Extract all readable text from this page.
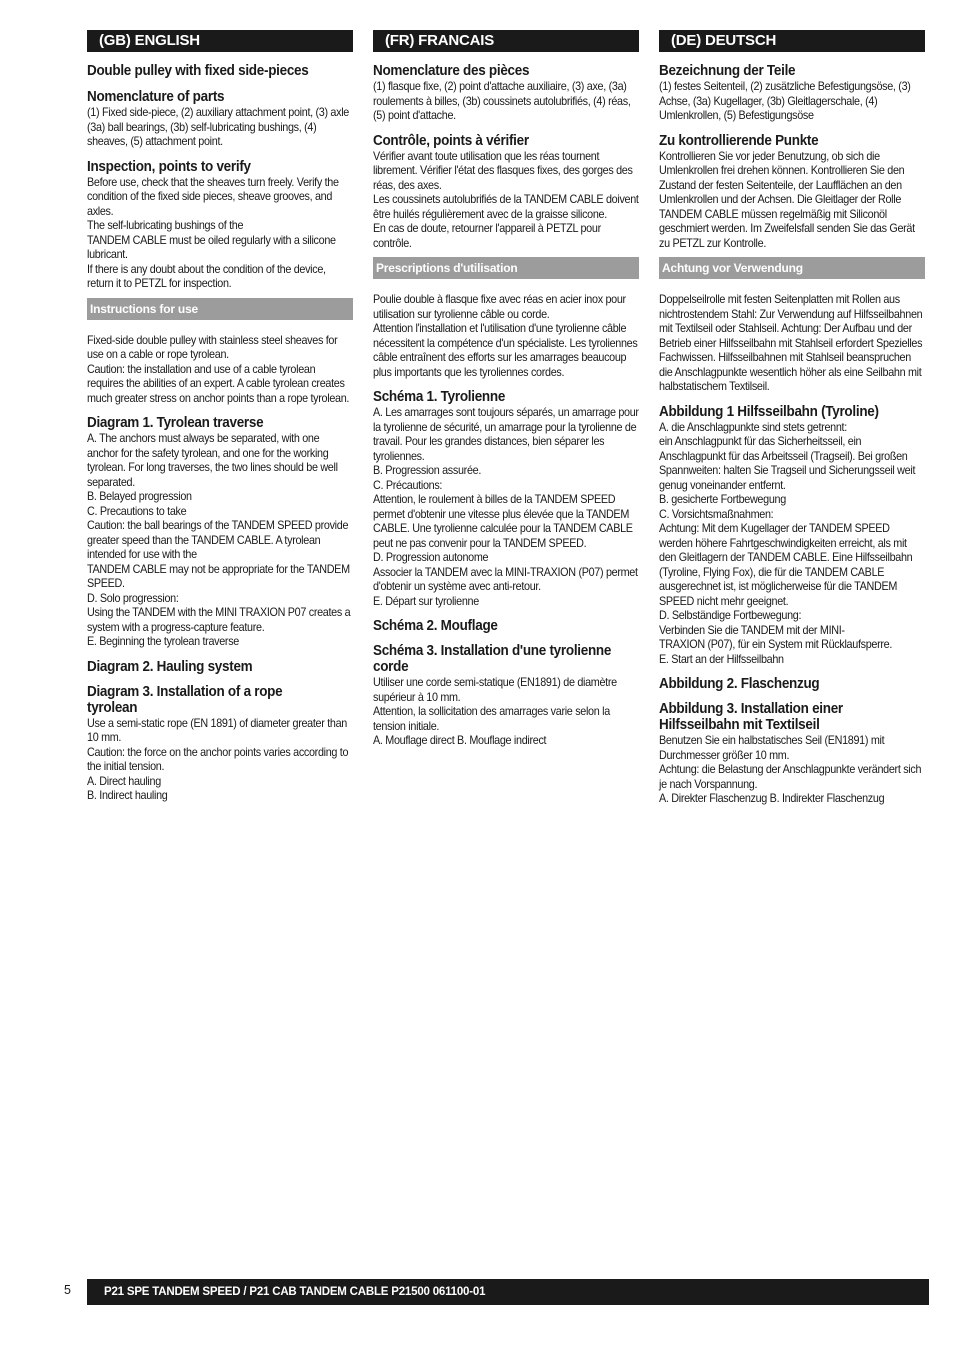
(GB) ENGLISH
Double pulley with fixed side-pieces
Nomenclature of parts
(1) Fixed side-piece, (2) auxiliary attachment point, (3) axle (3a) ball bearings, (3b) self-lubricating bushings, (4) sheaves, (5) attachment point.
Inspection, points to verify
Before use, check that the sheaves turn freely. Verify the condition of the fixed side pieces, sheave grooves, and axles.
The self-lubricating bushings of the
TANDEM CABLE must be oiled regularly with a silicone lubricant.
If there is any doubt about the condition of the device, return it to PETZL for inspection.
Instructions for use
Fixed-side double pulley with stainless steel sheaves for use on a cable or rope tyrolean.
Caution: the installation and use of a cable tyrolean requires the abilities of an expert. A cable tyrolean creates much greater stress on anchor points than a rope tyrolean.
Diagram 1. Tyrolean traverse
A. The anchors must always be separated, with one anchor for the safety tyrolean, and one for the working tyrolean. For long traverses, the two lines should be well separated.
B. Belayed progression
C. Precautions to take
Caution: the ball bearings of the TANDEM SPEED provide greater speed than the TANDEM CABLE. A tyrolean intended for use with the
TANDEM CABLE may not be appropriate for the TANDEM SPEED.
D. Solo progression:
Using the TANDEM with the MINI TRAXION P07 creates a system with a progress-capture feature.
E. Beginning the tyrolean traverse
Diagram 2. Hauling system
Diagram 3. Installation of a rope tyrolean
Use a semi-static rope (EN 1891) of diameter greater than 10 mm.
Caution: the force on the anchor points varies according to the initial tension.
A. Direct hauling
B. Indirect hauling
(FR) FRANCAIS
Nomenclature des pièces
(1) flasque fixe, (2) point d'attache auxiliaire, (3) axe, (3a) roulements à billes, (3b) coussinets autolubrifiés, (4) réas, (5) point d'attache.
Contrôle, points à vérifier
Vérifier avant toute utilisation que les réas tournent librement. Vérifier l'état des flasques fixes, des gorges des réas, des axes.
Les coussinets autolubrifiés de la TANDEM CABLE doivent être huilés régulièrement avec de la graisse silicone.
En cas de doute, retourner l'appareil à PETZL pour contrôle.
Prescriptions d'utilisation
Poulie double à flasque fixe avec réas en acier inox pour utilisation sur tyrolienne câble ou corde.
Attention l'installation et l'utilisation d'une tyrolienne câble nécessitent la compétence d'un spécialiste. Les tyroliennes câble entraînent des efforts sur les amarrages beaucoup plus importants que les tyroliennes cordes.
Schéma 1. Tyrolienne
A. Les amarrages sont toujours séparés, un amarrage pour la tyrolienne de sécurité, un amarrage pour la tyrolienne de travail. Pour les grandes distances, bien séparer les tyroliennes.
B. Progression assurée.
C. Précautions:
Attention, le roulement à billes de la TANDEM SPEED permet d'obtenir une vitesse plus élevée que la TANDEM CABLE. Une tyrolienne calculée pour la TANDEM CABLE peut ne pas convenir pour la TANDEM SPEED.
D. Progression autonome
Associer la TANDEM avec la MINI-TRAXION (P07) permet d'obtenir un système avec anti-retour.
E. Départ sur tyrolienne
Schéma 2. Mouflage
Schéma 3. Installation d'une tyrolienne corde
Utiliser une corde semi-statique (EN1891) de diamètre supérieur à 10 mm.
Attention, la sollicitation des amarrages varie selon la tension initiale.
A. Mouflage direct B. Mouflage indirect
(DE) DEUTSCH
Bezeichnung der Teile
(1) festes Seitenteil, (2) zusätzliche Befestigungsöse, (3) Achse, (3a) Kugellager, (3b) Gleitlagerschale, (4) Umlenkrollen, (5) Befestigungsöse
Zu kontrollierende Punkte
Kontrollieren Sie vor jeder Benutzung, ob sich die Umlenkrollen frei drehen können. Kontrollieren Sie den Zustand der festen Seitenteile, der Laufflächen an den Umlenkrollen und der Achsen. Die Gleitlager der Rolle TANDEM CABLE müssen regelmäßig mit Siliconöl geschmiert werden. Im Zweifelsfall senden Sie das Gerät zu PETZL zur Kontrolle.
Achtung vor Verwendung
Doppelseilrolle mit festen Seitenplatten mit Rollen aus nichtrostendem Stahl: Zur Verwendung auf Hilfsseilbahnen mit Textilseil oder Stahlseil. Achtung: Der Aufbau und der Betrieb einer Hilfsseilbahn mit Stahlseil erfordert Spezielles Fachwissen. Hilfsseilbahnen mit Stahlseil beanspruchen die Anschlagpunkte wesentlich höher als eine Seilbahn mit halbstatischem Textilseil.
Abbildung 1 Hilfsseilbahn (Tyroline)
A. die Anschlagpunkte sind stets getrennt:
ein Anschlagpunkt für das Sicherheitsseil, ein Anschlagpunkt für das Arbeitsseil (Tragseil). Bei großen Spannweiten: halten Sie Tragseil und Sicherungsseil weit genug voneinander entfernt.
B. gesicherte Fortbewegung
C. Vorsichtsmaßnahmen:
Achtung: Mit dem Kugellager der TANDEM SPEED werden höhere Fahrtgeschwindigkeiten erreicht, als mit den Gleitlagern der TANDEM CABLE. Eine Hilfsseilbahn (Tyroline, Flying Fox), die für die TANDEM CABLE ausgerechnet ist, ist möglicherweise für die TANDEM SPEED nicht mehr geeignet.
D. Selbständige Fortbewegung:
Verbinden Sie die TANDEM mit der MINI-
TRAXION (P07), für ein System mit Rücklaufsperre.
E. Start an der Hilfsseilbahn
Abbildung 2. Flaschenzug
Abbildung 3. Installation einer Hilfsseilbahn mit Textilseil
Benutzen Sie ein halbstatisches Seil (EN1891) mit Durchmesser größer 10 mm.
Achtung: die Belastung der Anschlagpunkte verändert sich je nach Vorspannung.
A. Direkter Flaschenzug B. Indirekter Flaschenzug
5	P21 SPE TANDEM SPEED / P21 CAB TANDEM CABLE P21500 061100-01
